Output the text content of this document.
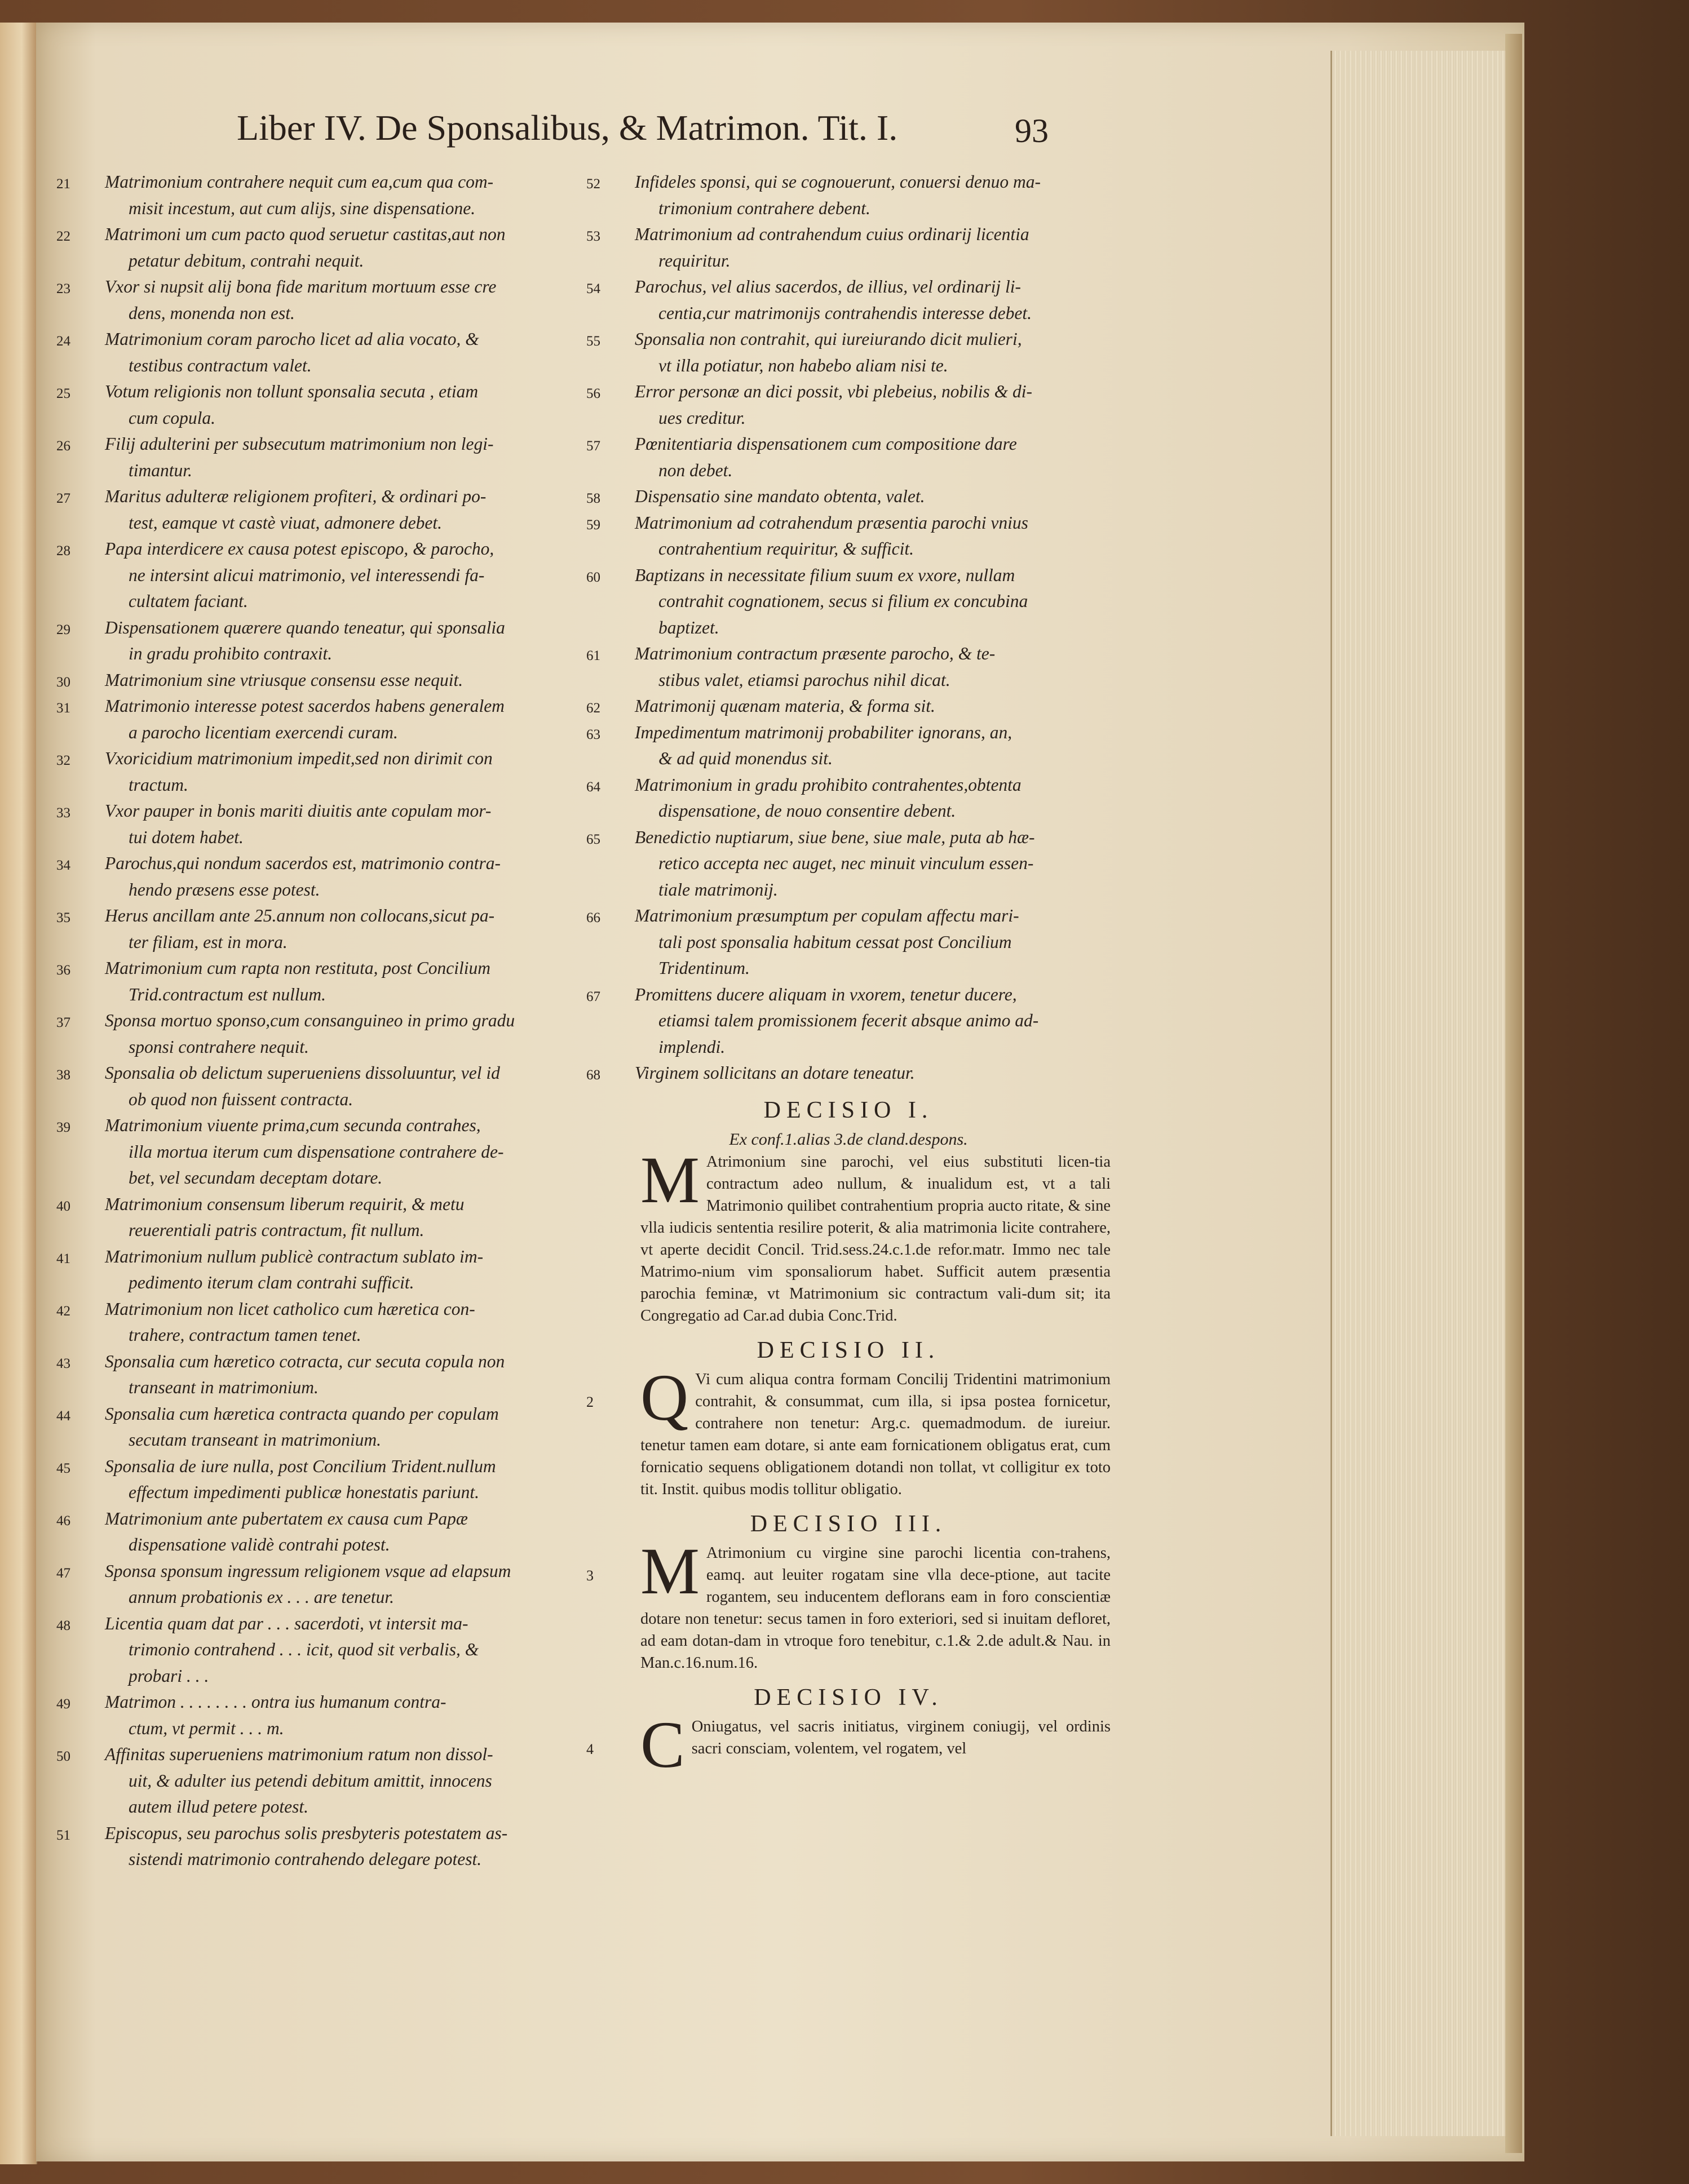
Liber IV. De Sponsalibus, & Matrimon. Tit. I.	93

21 Matrimonium contrahere nequit cum ea,cum qua com-
misit incestum, aut cum alijs, sine dispensatione.

22 Matrimoni um cum pacto quod seruetur castitas,aut non
petatur debitum, contrahi nequit.

23 Vxor si nupsit alij bona fide maritum mortuum esse cre
dens, monenda non est.

24 Matrimonium coram parocho licet ad alia vocato, &
testibus contractum valet.

25 Votum religionis non tollunt sponsalia secuta , etiam
cum copula.

26 Filij adulterini per subsecutum matrimonium non legi-
timantur.

27 Maritus adulteræ religionem profiteri, & ordinari po-
test, eamque vt castè viuat, admonere debet.

28 Papa interdicere ex causa potest episcopo, & parocho,
ne intersint alicui matrimonio, vel interessendi fa-
cultatem faciant.

29 Dispensationem quærere quando teneatur, qui sponsalia
in gradu prohibito contraxit.

30 Matrimonium sine vtriusque consensu esse nequit.

31 Matrimonio interesse potest sacerdos habens generalem
a parocho licentiam exercendi curam.

32 Vxoricidium matrimonium impedit,sed non dirimit con
tractum.

33 Vxor pauper in bonis mariti diuitis ante copulam mor-
tui dotem habet.

34 Parochus,qui nondum sacerdos est, matrimonio contra-
hendo præsens esse potest.

35 Herus ancillam ante 25.annum non collocans,sicut pa-
ter filiam, est in mora.

36 Matrimonium cum rapta non restituta, post Concilium
Trid.contractum est nullum.

37 Sponsa mortuo sponso,cum consanguineo in primo gradu
sponsi contrahere nequit.

38 Sponsalia ob delictum superueniens dissoluuntur, vel id
ob quod non fuissent contracta.

39 Matrimonium viuente prima,cum secunda contrahes,
illa mortua iterum cum dispensatione contrahere de-
bet, vel secundam deceptam dotare.

40 Matrimonium consensum liberum requirit, & metu
reuerentiali patris contractum, fit nullum.

41 Matrimonium nullum publicè contractum sublato im-
pedimento iterum clam contrahi sufficit.

42 Matrimonium non licet catholico cum hæretica con-
trahere, contractum tamen tenet.

43 Sponsalia cum hæretico cotracta, cur secuta copula non
transeant in matrimonium.

44 Sponsalia cum hæretica contracta quando per copulam
secutam transeant in matrimonium.

45 Sponsalia de iure nulla, post Concilium Trident.nullum
effectum impedimenti publicæ honestatis pariunt.

46 Matrimonium ante pubertatem ex causa cum Papæ
dispensatione validè contrahi potest.

47 Sponsa sponsum ingressum religionem vsque ad elapsum
annum probationis ex . . . are tenetur.

48 Licentia quam dat par . . . sacerdoti, vt intersit ma-
trimonio contrahend . . . icit, quod sit verbalis, &
probari . . .

49 Matrimon . . . . . . . . ontra ius humanum contra-
ctum, vt permit . . . m.

50 Affinitas superueniens matrimonium ratum non dissol-
uit, & adulter ius petendi debitum amittit, innocens
autem illud petere potest.

51 Episcopus, seu parochus solis presbyteris potestatem as-
sistendi matrimonio contrahendo delegare potest.

52 Infideles sponsi, qui se cognouerunt, conuersi denuo ma-
trimonium contrahere debent.

53 Matrimonium ad contrahendum cuius ordinarij licentia
requiritur.

54 Parochus, vel alius sacerdos, de illius, vel ordinarij li-
centia,cur matrimonijs contrahendis interesse debet.

55 Sponsalia non contrahit, qui iureiurando dicit mulieri,
vt illa potiatur, non habebo aliam nisi te.

56 Error personæ an dici possit, vbi plebeius, nobilis & di-
ues creditur.

57 Pœnitentiaria dispensationem cum compositione dare
non debet.

58 Dispensatio sine mandato obtenta, valet.

59 Matrimonium ad cotrahendum præsentia parochi vnius
contrahentium requiritur, & sufficit.

60 Baptizans in necessitate filium suum ex vxore, nullam
contrahit cognationem, secus si filium ex concubina
baptizet.

61 Matrimonium contractum præsente parocho, & te-
stibus valet, etiamsi parochus nihil dicat.

62 Matrimonij quænam materia, & forma sit.

63 Impedimentum matrimonij probabiliter ignorans, an,
& ad quid monendus sit.

64 Matrimonium in gradu prohibito contrahentes,obtenta
dispensatione, de nouo consentire debent.

65 Benedictio nuptiarum, siue bene, siue male, puta ab hæ-
retico accepta nec auget, nec minuit vinculum essen-
tiale matrimonij.

66 Matrimonium præsumptum per copulam affectu mari-
tali post sponsalia habitum cessat post Concilium
Tridentinum.

67 Promittens ducere aliquam in vxorem, tenetur ducere,
etiamsi talem promissionem fecerit absque animo ad-
implendi.

68 Virginem sollicitans an dotare teneatur.

DECISIO I.
Ex conf.1.alias 3.de cland.despons.
M Atrimonium sine parochi, vel eius substituti licen-tia contractum adeo nullum, & inualidum est, vt a tali Matrimonio quilibet contrahentium propria aucto ritate, & sine vlla iudicis sententia resilire poterit, & alia matrimonia licite contrahere, vt aperte decidit Concil. Trid.sess.24.c.1.de refor.matr. Immo nec tale Matrimo-nium vim sponsaliorum habet. Sufficit autem præsentia parochia feminæ, vt Matrimonium sic contractum vali-dum sit; ita Congregatio ad Car.ad dubia Conc.Trid.
DECISIO II.
2 Q Vi cum aliqua contra formam Concilij Tridentini matrimonium contrahit, & consummat, cum illa, si ipsa postea fornicetur, contrahere non tenetur: Arg.c. quemadmodum. de iureiur. tenetur tamen eam dotare, si ante eam fornicationem obligatus erat, cum fornicatio sequens obligationem dotandi non tollat, vt colligitur ex toto tit. Instit. quibus modis tollitur obligatio.
DECISIO III.
3 M Atrimonium cu virgine sine parochi licentia con-trahens, eamq. aut leuiter rogatam sine vlla dece-ptione, aut tacite rogantem, seu inducentem deflorans eam in foro conscientiæ dotare non tenetur: secus tamen in foro exteriori, sed si inuitam defloret, ad eam dotan-dam in vtroque foro tenebitur, c.1.& 2.de adult.& Nau. in Man.c.16.num.16.
DECISIO IV.
4 C Oniugatus, vel sacris initiatus, virginem coniugij, vel ordinis sacri consciam, volentem, vel rogatem, vel
